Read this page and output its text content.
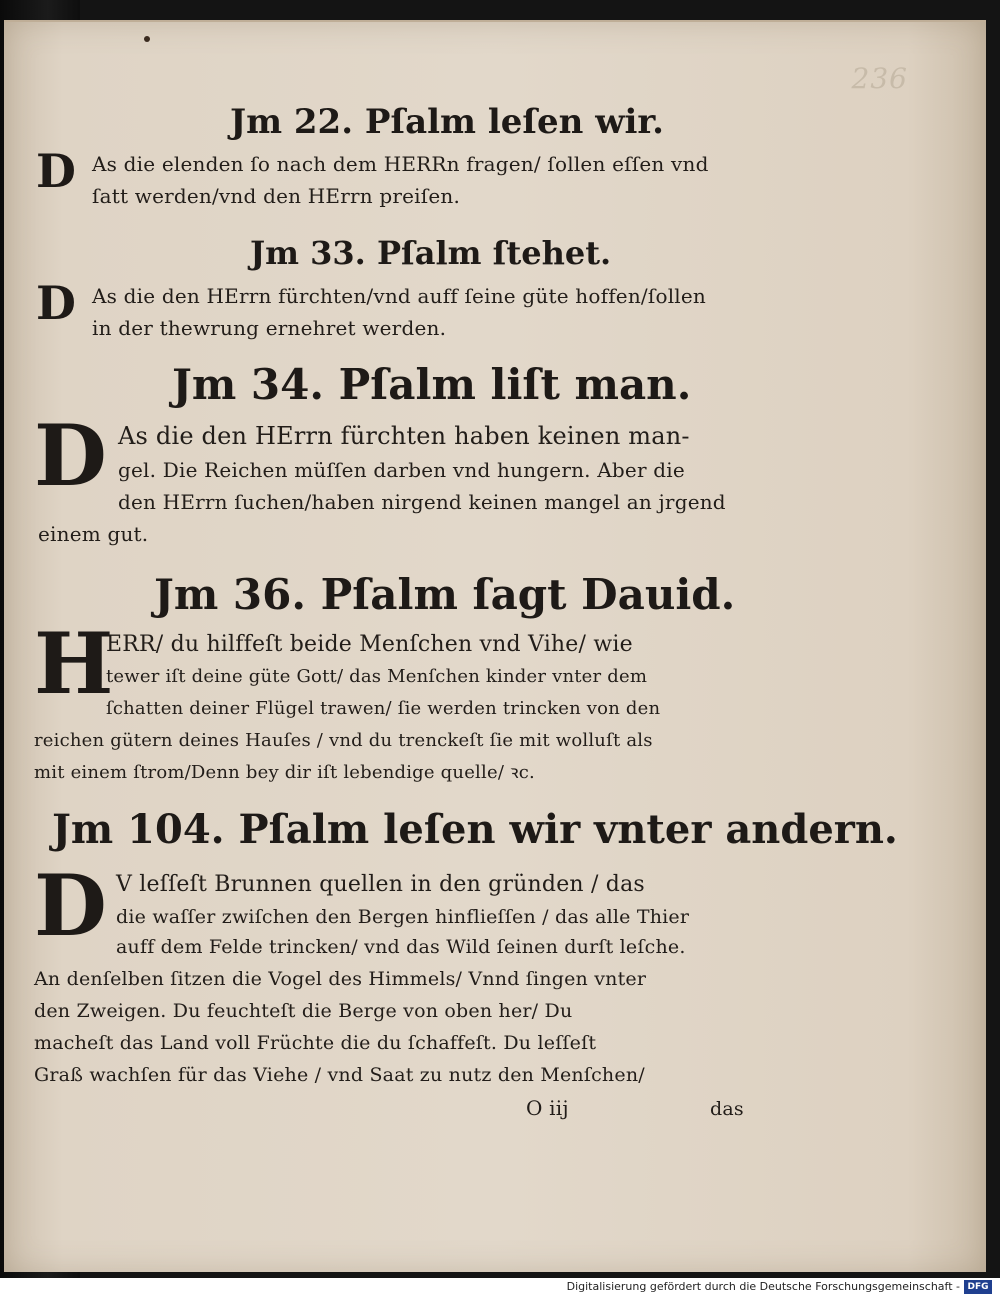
236
Jm 22. Pſalm leſen wir.
D As die elenden ſo nach dem HERRn fragen/ ſollen eſſen vnd
ſatt werden/vnd den HErrn preiſen.
Jm 33. Pſalm ſtehet.
D As die den HErrn fürchten/vnd auff ſeine güte hoffen/ſollen
in der thewrung ernehret werden.
Jm 34. Pſalm liſt man.
D As die den HErrn fürchten haben keinen man-
gel. Die Reichen müſſen darben vnd hungern. Aber die
den HErrn ſuchen/haben nirgend keinen mangel an jrgend
einem gut.
Jm 36. Pſalm ſagt Dauid.
H
ERR/ du hilffeſt beide Menſchen vnd Vihe/ wie
tewer iſt deine güte Gott/ das Menſchen kinder vnter dem
ſchatten deiner Flügel trawen/ ſie werden trincken von den
reichen gütern deines Hauſes / vnd du trenckeſt ſie mit wolluſt als
mit einem ſtrom/Denn bey dir iſt lebendige quelle/ ꝛc.
Jm 104. Pſalm leſen wir vnter andern.
D V leſſeſt Brunnen quellen in den gründen / das
die waſſer zwiſchen den Bergen hinflieſſen / das alle Thier
auff dem Felde trincken/ vnd das Wild ſeinen durſt leſche.
An denſelben ſitzen die Vogel des Himmels/ Vnnd ſingen vnter
den Zweigen. Du feuchteſt die Berge von oben her/ Du
macheſt das Land voll Früchte die du ſchaffeſt. Du leſſeſt
Graß wachſen für das Viehe / vnd Saat zu nutz den Menſchen/
O iij	das
Digitalisierung gefördert durch die Deutsche Forschungsgemeinschaft - DFG
